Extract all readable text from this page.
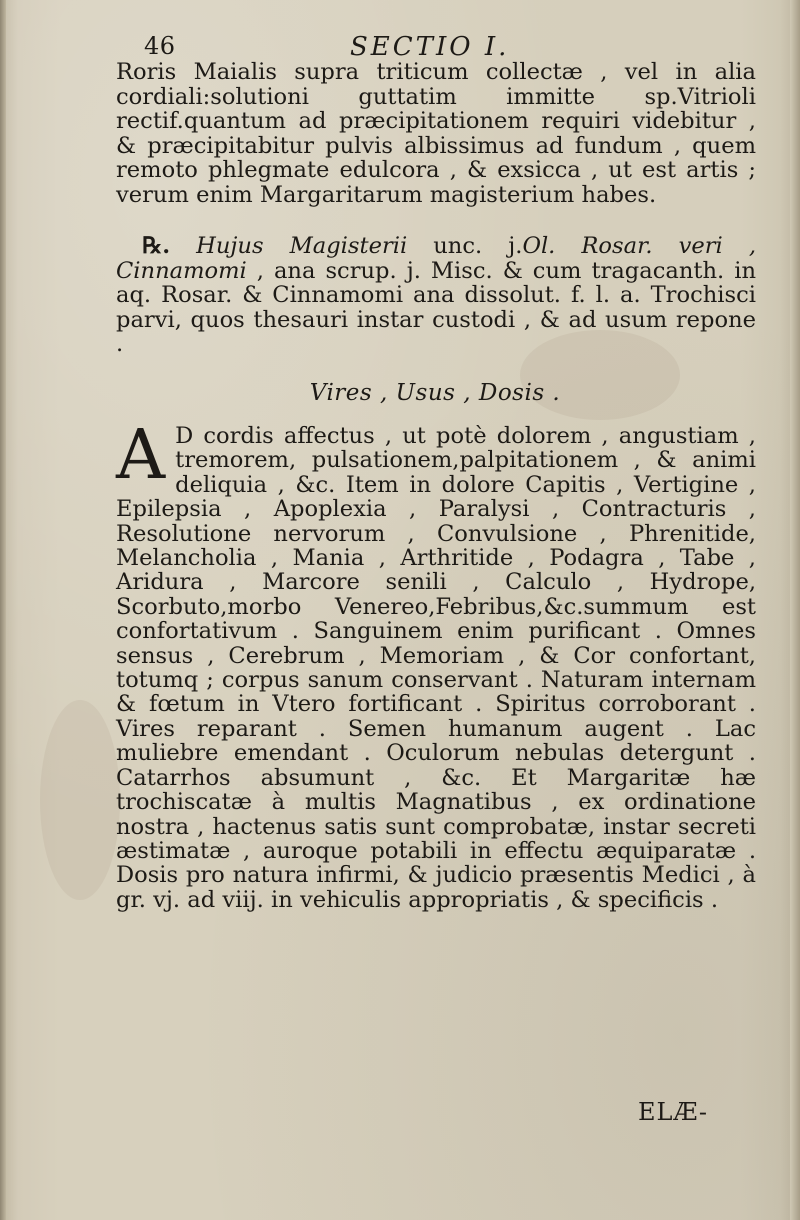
46	SECTIO I.

Roris Maialis supra triticum collectæ , vel in alia cordiali:solutioni guttatim immitte sp.Vitrioli rectif.quantum ad præcipitationem requiri videbitur , & præcipitabitur pulvis albissimus ad fundum , quem remoto phlegmate edulcora , & exsicca , ut est artis ; verum enim Margaritarum magisterium habes.

℞. Hujus Magisterii unc. j.Ol. Rosar. veri , Cinnamomi , ana scrup. j. Misc. & cum tragacanth. in aq. Rosar. & Cinnamomi ana dissolut. f. l. a. Trochisci parvi, quos thesauri instar custodi , & ad usum repone .

Vires , Usus , Dosis .
A D cordis affectus , ut potè dolorem , angustiam , tremorem, pulsationem,palpitationem , & animi deliquia , &c. Item in dolore Capitis , Vertigine , Epilepsia , Apoplexia , Paralysi , Contracturis , Resolutione nervorum , Convulsione , Phrenitide, Melancholia , Mania , Arthritide , Podagra , Tabe , Aridura , Marcore senili , Calculo , Hydrope, Scorbuto,morbo Venereo,Febribus,&c.summum est confortativum . Sanguinem enim purificant . Omnes sensus , Cerebrum , Memoriam , & Cor confortant, totumq ; corpus sanum conservant . Naturam internam & fœtum in Vtero fortificant . Spiritus corroborant . Vires reparant . Semen humanum augent . Lac muliebre emendant . Oculorum nebulas detergunt . Catarrhos absumunt , &c. Et Margaritæ hæ trochiscatæ à multis Magnatibus , ex ordinatione nostra , hactenus satis sunt comprobatæ, instar secreti æstimatæ , auroque potabili in effectu æquiparatæ . Dosis pro natura infirmi, & judicio præsentis Medici , à gr. vj. ad viij. in vehiculis appropriatis , & specificis .

ELÆ-
